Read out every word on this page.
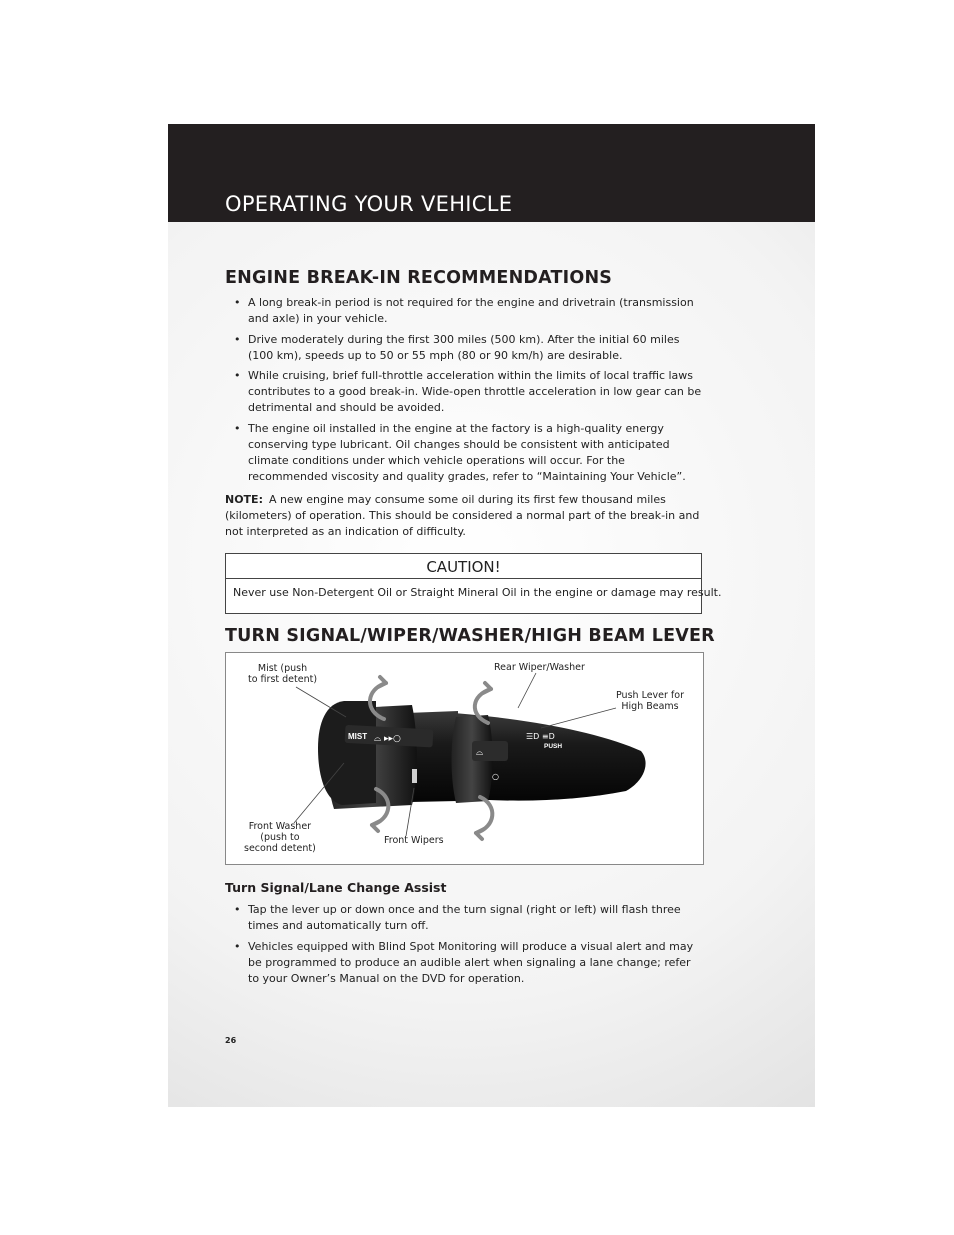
OPERATING YOUR VEHICLE
ENGINE BREAK-IN RECOMMENDATIONS
• A long break-in period is not required for the engine and drivetrain (transmission and axle) in your vehicle.
• Drive moderately during the first 300 miles (500 km). After the initial 60 miles (100 km), speeds up to 50 or 55 mph (80 or 90 km/h) are desirable.
• While cruising, brief full-throttle acceleration within the limits of local traffic laws contributes to a good break-in. Wide-open throttle acceleration in low gear can be detrimental and should be avoided.
• The engine oil installed in the engine at the factory is a high-quality energy conserving type lubricant. Oil changes should be consistent with anticipated climate conditions under which vehicle operations will occur. For the recommended viscosity and quality grades, refer to “Maintaining Your Vehicle”.

NOTE: A new engine may consume some oil during its first few thousand miles (kilometers) of operation. This should be considered a normal part of the break-in and not interpreted as an indication of difficulty.

CAUTION!

Never use Non-Detergent Oil or Straight Mineral Oil in the engine or damage may result.

TURN SIGNAL/WIPER/WASHER/HIGH BEAM LEVER
MIST ⌓ ▸▸○
⌓
○
PUSH
☰D ≡D
Mist (push
to first detent)
Rear Wiper/Washer
Push Lever for
High Beams
Front Washer
(push to
second detent)
Front Wipers
Turn Signal/Lane Change Assist
• Tap the lever up or down once and the turn signal (right or left) will flash three times and automatically turn off.
• Vehicles equipped with Blind Spot Monitoring will produce a visual alert and may be programmed to produce an audible alert when signaling a lane change; refer to your Owner’s Manual on the DVD for operation.
26
